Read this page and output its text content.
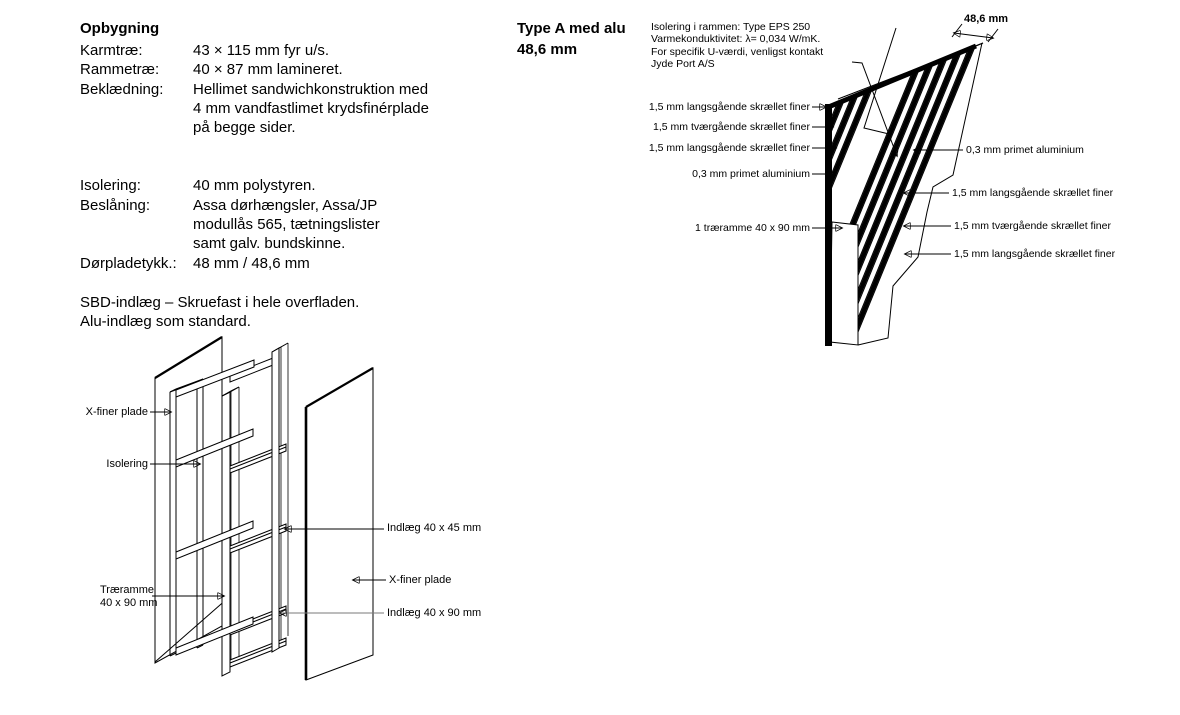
Opbygning
Karmtræ:	43 × 115 mm fyr u/s.
Rammetræ:	40 × 87 mm lamineret.
Beklædning:	Hellimet sandwichkonstruktion med
4 mm vandfastlimet krydsfinérplade
på begge sider.
Isolering:	40 mm polystyren.
Beslåning:	Assa dørhængsler, Assa/JP
modullås 565, tætningslister
samt galv. bundskinne.
Dørpladetykk.:	48 mm / 48,6 mm
SBD-indlæg – Skruefast i hele overfladen.
Alu-indlæg som standard.
Type A med alu
48,6 mm
Isolering i rammen: Type EPS 250
Varmekonduktivitet: λ= 0,034 W/mK.
For specifik U-værdi, venligst kontakt
Jyde Port A/S
48,6 mm
1,5 mm langsgående skrællet finer
1,5 mm tværgående skrællet finer
1,5 mm langsgående skrællet finer
0,3 mm primet aluminium
1 træramme 40 x 90 mm
0,3 mm primet aluminium
1,5 mm langsgående skrællet finer
1,5 mm tværgående skrællet finer
1,5 mm langsgående skrællet finer
X-finer plade
Isolering
Træramme
40 x 90 mm
Indlæg 40 x 45 mm
X-finer plade
Indlæg 40 x 90 mm
